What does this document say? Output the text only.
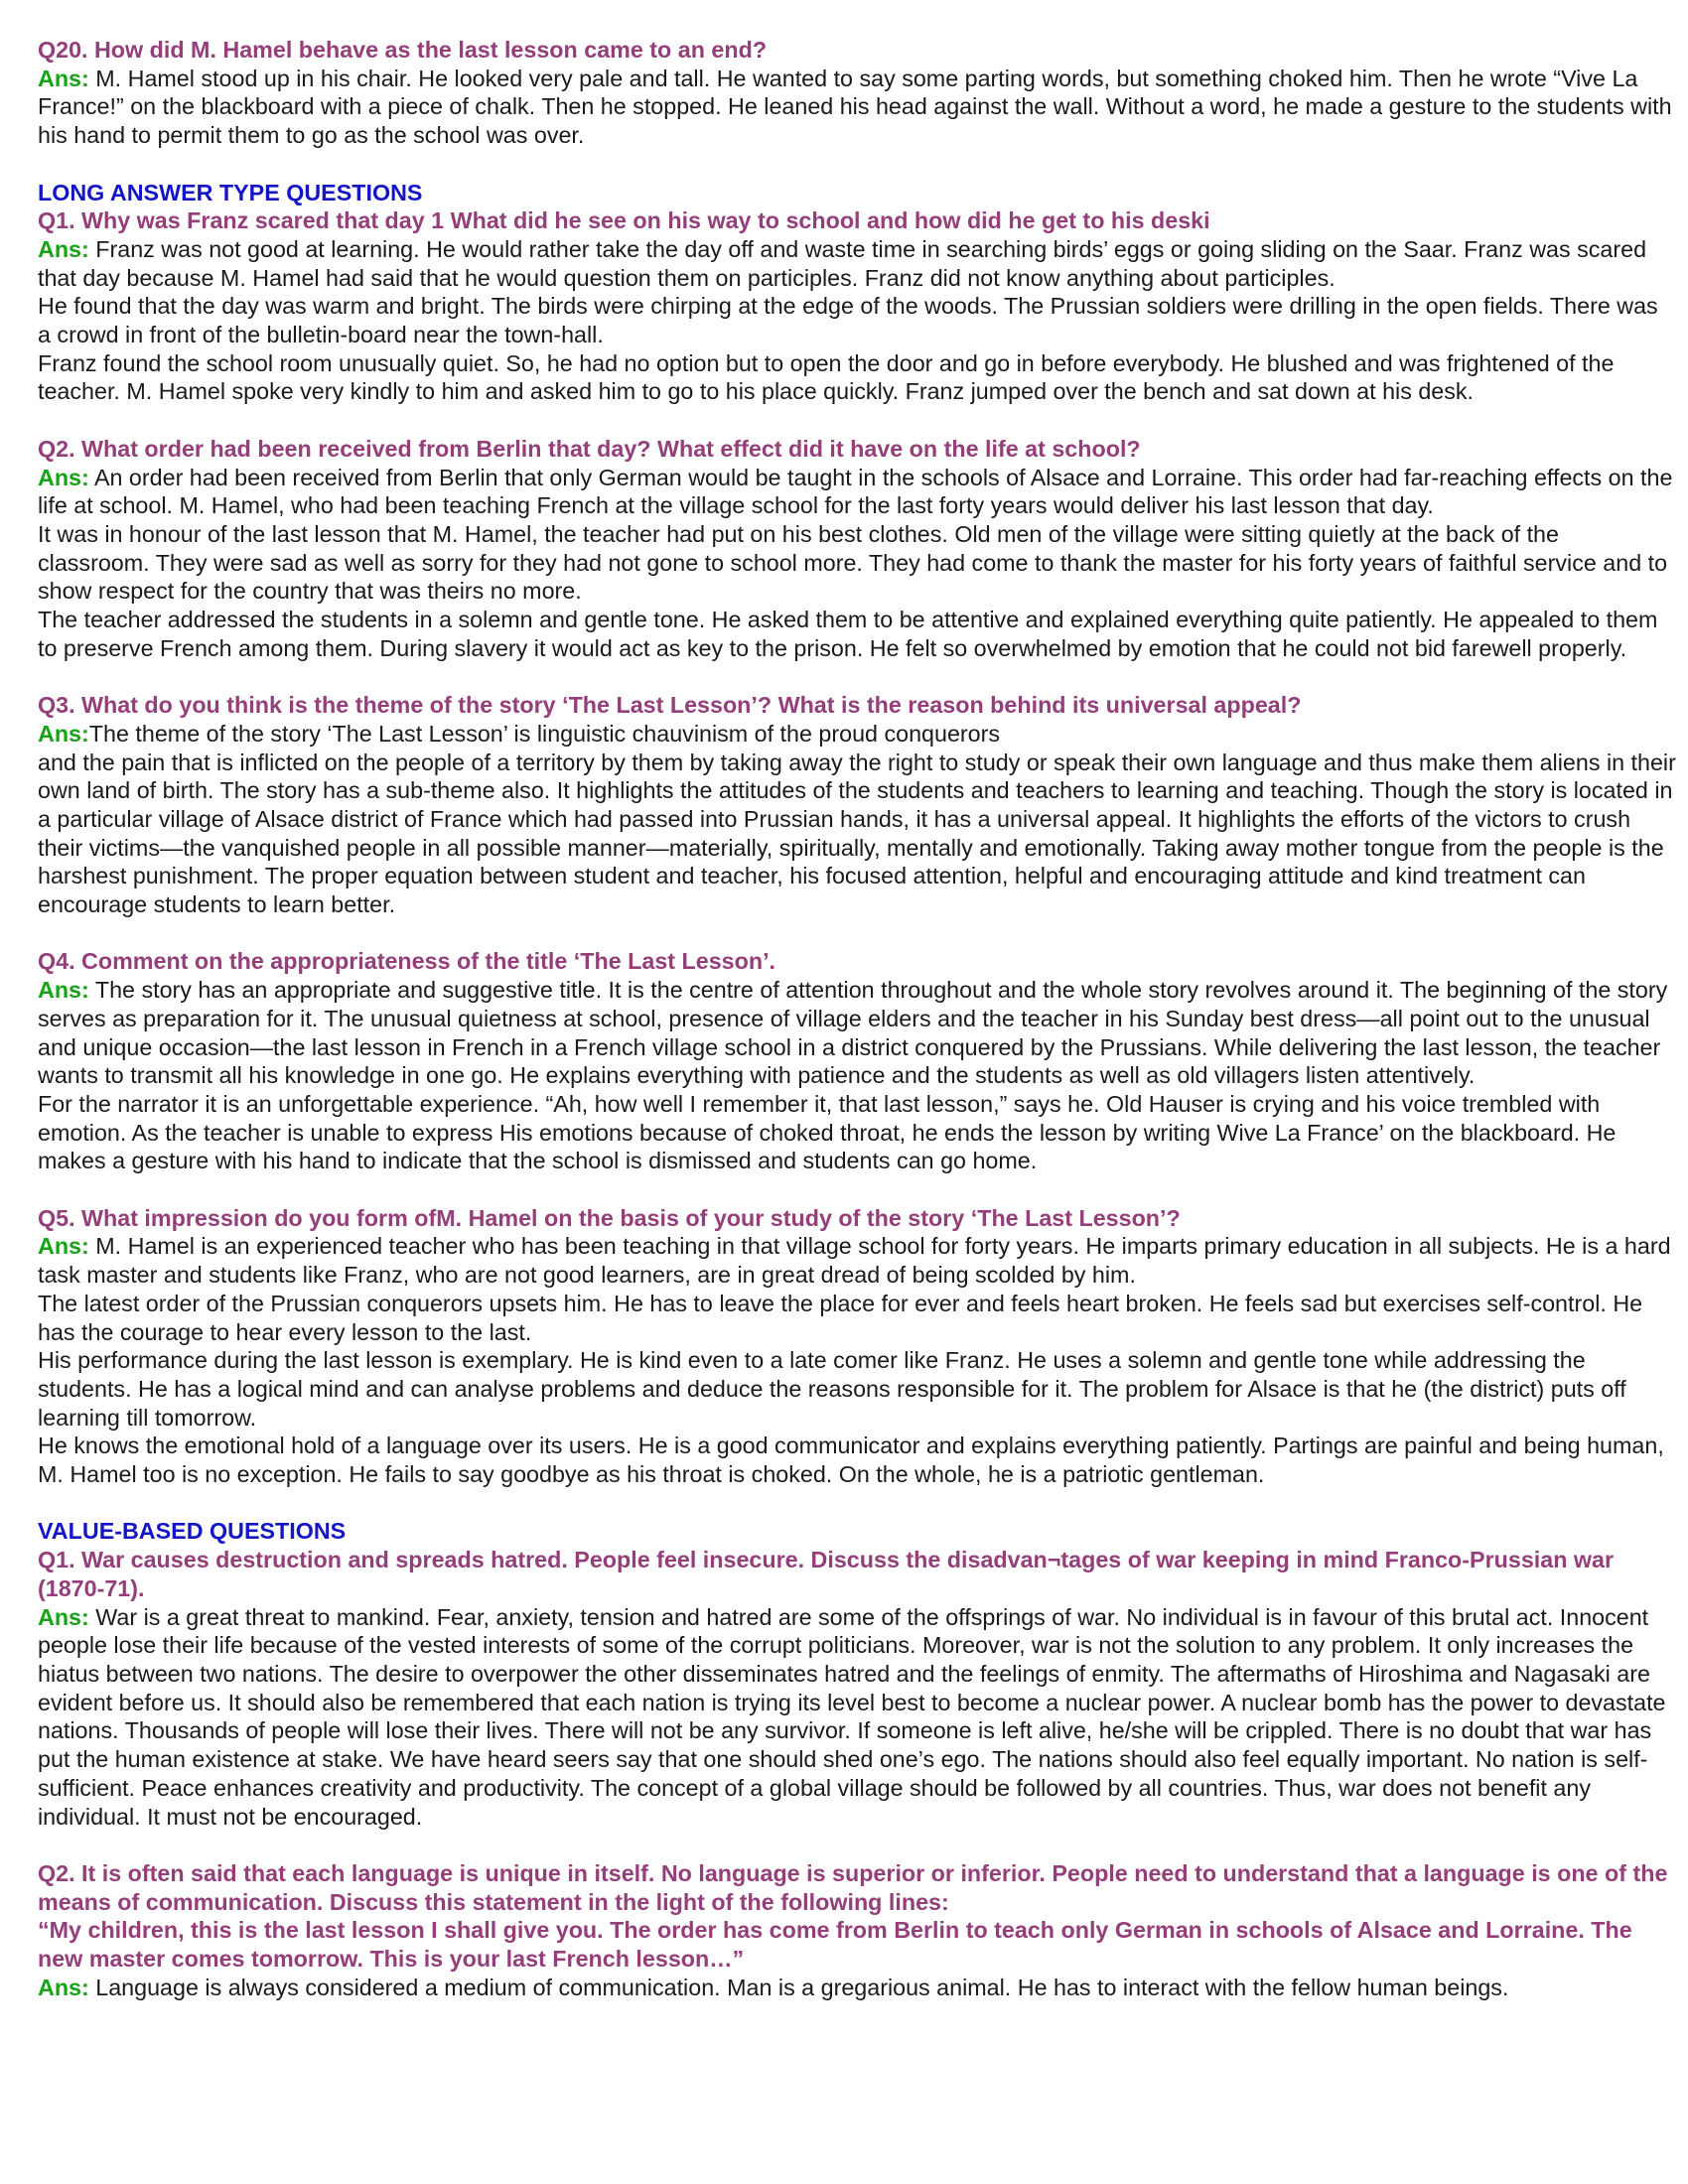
Q20. How did M. Hamel behave as the last lesson came to an end?

Ans: M. Hamel stood up in his chair. He looked very pale and tall. He wanted to say some parting words, but something choked him. Then he wrote “Vive La France!” on the blackboard with a piece of chalk. Then he stopped. He leaned his head against the wall. Without a word, he made a gesture to the students with his hand to permit them to go as the school was over.

LONG ANSWER TYPE QUESTIONS

Q1. Why was Franz scared that day 1 What did he see on his way to school and how did he get to his deski

Ans: Franz was not good at learning. He would rather take the day off and waste time in searching birds’ eggs or going sliding on the Saar. Franz was scared that day because M. Hamel had said that he would question them on participles. Franz did not know anything about participles.

He found that the day was warm and bright. The birds were chirping at the edge of the woods. The Prussian soldiers were drilling in the open fields. There was a crowd in front of the bulletin-board near the town-hall.

Franz found the school room unusually quiet. So, he had no option but to open the door and go in before everybody. He blushed and was frightened of the teacher. M. Hamel spoke very kindly to him and asked him to go to his place quickly. Franz jumped over the bench and sat down at his desk.

Q2. What order had been received from Berlin that day? What effect did it have on the life at school?

Ans: An order had been received from Berlin that only German would be taught in the schools of Alsace and Lorraine. This order had far-reaching effects on the life at school. M. Hamel, who had been teaching French at the village school for the last forty years would deliver his last lesson that day.

It was in honour of the last lesson that M. Hamel, the teacher had put on his best clothes. Old men of the village were sitting quietly at the back of the classroom. They were sad as well as sorry for they had not gone to school more. They had come to thank the master for his forty years of faithful service and to show respect for the country that was theirs no more.

The teacher addressed the students in a solemn and gentle tone. He asked them to be attentive and explained everything quite patiently. He appealed to them to preserve French among them. During slavery it would act as key to the prison. He felt so overwhelmed by emotion that he could not bid farewell properly.

Q3. What do you think is the theme of the story ‘The Last Lesson’? What is the reason behind its universal appeal?

Ans:The theme of the story ‘The Last Lesson’ is linguistic chauvinism of the proud conquerors

and the pain that is inflicted on the people of a territory by them by taking away the right to study or speak their own language and thus make them aliens in their own land of birth. The story has a sub-theme also. It highlights the attitudes of the students and teachers to learning and teaching. Though the story is located in a particular village of Alsace district of France which had passed into Prussian hands, it has a universal appeal. It highlights the efforts of the victors to crush their victims—the vanquished people in all possible manner—materially, spiritually, mentally and emotionally. Taking away mother tongue from the people is the harshest punishment. The proper equation between student and teacher, his focused attention, helpful and encouraging attitude and kind treatment can encourage students to learn better.

Q4. Comment on the appropriateness of the title ‘The Last Lesson’.

Ans: The story has an appropriate and suggestive title. It is the centre of attention throughout and the whole story revolves around it. The beginning of the story serves as preparation for it. The unusual quietness at school, presence of village elders and the teacher in his Sunday best dress—all point out to the unusual and unique occasion—the last lesson in French in a French village school in a district conquered by the Prussians. While delivering the last lesson, the teacher wants to transmit all his knowledge in one go. He explains everything with patience and the students as well as old villagers listen attentively.

For the narrator it is an unforgettable experience. “Ah, how well I remember it, that last lesson,” says he. Old Hauser is crying and his voice trembled with emotion. As the teacher is unable to express His emotions because of choked throat, he ends the lesson by writing Wive La France’ on the blackboard. He makes a gesture with his hand to indicate that the school is dismissed and students can go home.

Q5. What impression do you form ofM. Hamel on the basis of your study of the story ‘The Last Lesson’?

Ans: M. Hamel is an experienced teacher who has been teaching in that village school for forty years. He imparts primary education in all subjects. He is a hard task master and students like Franz, who are not good learners, are in great dread of being scolded by him.

The latest order of the Prussian conquerors upsets him. He has to leave the place for ever and feels heart broken. He feels sad but exercises self-control. He has the courage to hear every lesson to the last.

His performance during the last lesson is exemplary. He is kind even to a late comer like Franz. He uses a solemn and gentle tone while addressing the students. He has a logical mind and can analyse problems and deduce the reasons responsible for it. The problem for Alsace is that he (the district) puts off learning till tomorrow.

He knows the emotional hold of a language over its users. He is a good communicator and explains everything patiently. Partings are painful and being human, M. Hamel too is no exception. He fails to say goodbye as his throat is choked. On the whole, he is a patriotic gentleman.

VALUE-BASED QUESTIONS

Q1. War causes destruction and spreads hatred. People feel insecure. Discuss the disadvan¬tages of war keeping in mind Franco-Prussian war (1870-71).

Ans: War is a great threat to mankind. Fear, anxiety, tension and hatred are some of the offsprings of war. No individual is in favour of this brutal act. Innocent people lose their life because of the vested interests of some of the corrupt politicians. Moreover, war is not the solution to any problem. It only increases the hiatus between two nations. The desire to overpower the other disseminates hatred and the feelings of enmity. The aftermaths of Hiroshima and Nagasaki are evident before us. It should also be remembered that each nation is trying its level best to become a nuclear power. A nuclear bomb has the power to devastate nations. Thousands of people will lose their lives. There will not be any survivor. If someone is left alive, he/she will be crippled. There is no doubt that war has put the human existence at stake. We have heard seers say that one should shed one’s ego. The nations should also feel equally important. No nation is self-sufficient. Peace enhances creativity and productivity. The concept of a global village should be followed by all countries. Thus, war does not benefit any individual. It must not be encouraged.

Q2. It is often said that each language is unique in itself. No language is superior or inferior. People need to understand that a language is one of the means of communication. Discuss this statement in the light of the following lines:

“My children, this is the last lesson I shall give you. The order has come from Berlin to teach only German in schools of Alsace and Lorraine. The new master comes tomorrow. This is your last French lesson…”

Ans: Language is always considered a medium of communication. Man is a gregarious animal. He has to interact with the fellow human beings.
